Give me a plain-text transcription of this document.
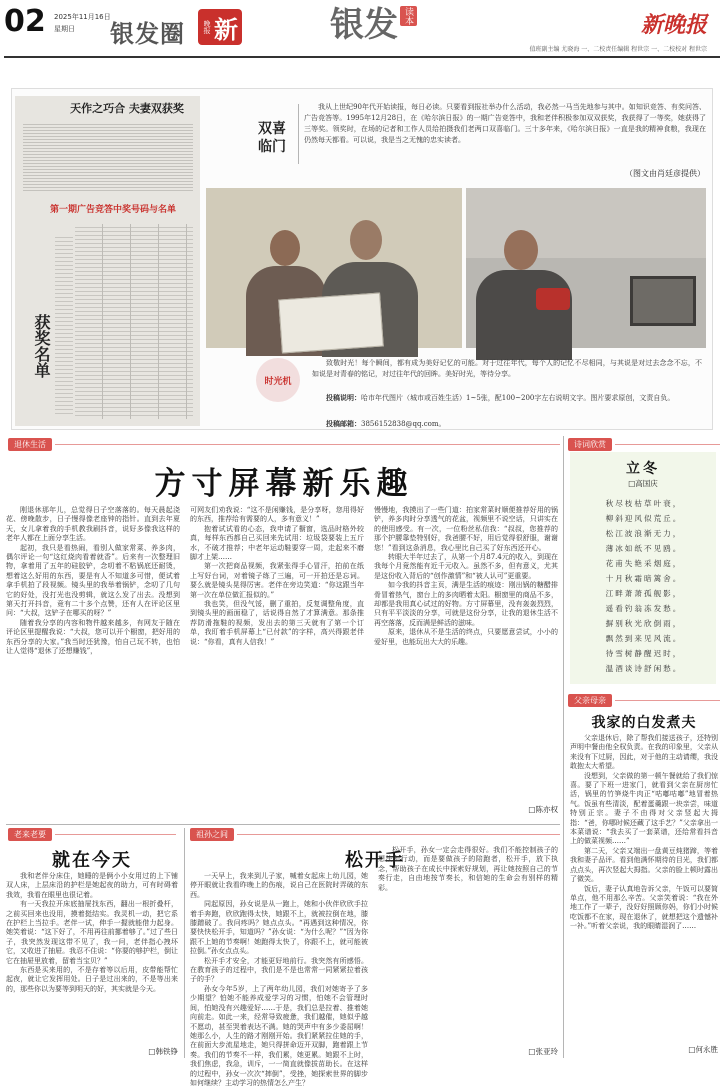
02 2025年11月16日
星期日 银发圈	晚报 新	银发 读本	新晚报
值班副主编 尤晓海 一、二校责任编辑 程世宗 一、二校校对 程世宗
天作之巧合 夫妻双获奖
第一期广告竞答中奖号码与名单
获奖名单
双喜临门
我从上世纪90年代开始读报，每日必读。只要看到报社举办什么活动，我必然一马当先地参与其中。如知识竞答、有奖问答、广告竞答等。1995年12月28日，在《哈尔滨日报》的一期广告竞答中，我和老伴积极参加双双获奖，我获得了一等奖，她获得了三等奖。领奖时，在场的记者和工作人员给拍摄我们老两口双喜临门。三十多年来，《哈尔滨日报》一直是我的精神食粮，我现在仍然每天都看。可以说，我是当之无愧的忠实读者。
（图文由肖廷彦提供）
时光机
致敬时光！每个瞬间，都有成为美好记忆的可能。对于过往年代，每个人的记忆不尽相同，与其说是对过去念念不忘，不如说是对青春的铭记，对过往年代的回眸。美好时光，等待分享。
投稿说明：哈市年代图片（城市或百姓生活）1~5张，配100~200字左右说明文字。图片要求原创，文责自负。
投稿邮箱：3856152838@qq.com。
退休生活
方寸屏幕新乐趣

刚退休那年儿，总觉得日子空落落的。每天晨起浇花、傍晚散步，日子慢得像老座钟的指针。直到去年夏天，女儿拿着我的手机教我刷抖音，说好多像我这样的老年人都在上面分享生活。

起初，我只是看热闹，看别人做家常菜、养多肉，偶尔评论一句“这红烧肉看着就香”。后来有一次整理旧物，拿着用了五年的硅胶铲，念叨着不粘锅底还耐烫，想着这么好用的东西，要是有人不知道多可惜，便试着拿手机拍了段视频。镜头里的我举着锅铲，念叨了几句它的好处，没打光也没剪辑，就这么发了出去。没想到第天打开抖音，竟有二十多个点赞，还有人在评论区里问：“大叔，这铲子在哪买的呀？”

随着我分享的内容和物件越来越多，有网友于随在评论区里提醒我说：“大叔，您可以开个橱窗，把好用的东西分享的大家。”我当时还犹豫，怕自己玩不转，也怕让人觉得“退休了还想赚钱”，

可网友们劝我说：“这不是闲赚钱，是分享呀，您用得好的东西，推荐给有需要的人，多有意义！”

抱着试试看的心态，我申请了橱窗，选品时格外较真，每样东西都自己买回来先试用：垃圾袋要装上五斤水，不破才推荐；中老年运动鞋要穿一周，走起来不磨脚才上架……

第一次把商品视频，我紧张得手心冒汗，拍前在纸上写好台词，对着镜子练了三遍，可一开拍还是忘词。要么就是镜头晃得厉害。老伴在旁边笑道：“你这跟当年第一次在单位做汇报似的。”

我也笑，但没气馁，删了重拍，反复调整角度，直到镜头里的画面稳了，话说得自然了才算满意。那条推荐防滑拖鞋的视频，发出去的第三天就有了第一个订单，我盯着手机屏幕上“已付款”的字样，高兴得跟老伴说：“你看，真有人信我！”

慢慢地，我摸出了一些门道：拍家常菜时顺便推荐好用的锅铲，养多肉时分享透气的花盆，视频里不说空话，只讲实在的使用感受。有一次，一位粉丝私信我：“叔叔，您推荐的那个护腰靠垫特别好，我爸腰不好，用后觉得很舒服，谢谢您！”看到这条消息，我心里比自己买了好东西还开心。

转眼大半年过去了，从第一个月87.4元的收入，到现在我每个月竟然能有近千元收入。虽然不多，但有意义，尤其是这份收入背后的“创作激情”和“被人认可”更重要。

如今我的抖音主页，满是生活的痕迹：刚出锅的糖醋排骨冒着热气，窗台上的多肉晒着太阳。橱窗里的商品不多，却都是我用真心试过的好物。方寸屏幕里，没有轰轰烈烈，只有平平淡淡的分享，可就是这份分享，让我的退休生活不再空落落，反而满是鲜活的滋味。

原来，退休从不是生活的终点，只要愿意尝试，小小的爱好里，也能玩出大大的乐趣。

□陈亦权
诗词欣赏
立冬
□高国庆
秋尽枝枯草叶衰，
柳斜迎风似荒丘。
松江波浪渐无力，
薄冰如纸不见鸥。
花甫失艳采烟庭，
十月秋霜暗篱舍。
江畔萧萧孤舰影，
遥看钓翁冻发愁。
摒别秋光欣倒雨，
飘然到来见风流。
待雪树静醒迟时，
温酒谈诗舒闲愁。
父亲母亲
我家的白发煮夫

父亲退休后，除了帮我们接送孩子，还特别声明中餐由他全权负责。在我的印象里，父亲从来没有下过厨，因此，对于他的主动请缨，我没敢抱太大希望。

没想到，父亲做的第一顿午餐就给了我们惊喜。要了下班一进家门，就看到父亲在厨房忙活，锅里的竹笋烧牛肉正“咕嘟咕嘟”地冒着热气。饭虽有些清淡，配着蛋羹跟一块亲尝，味道特别正宗。妻子不由得对父亲竖起大拇指：“爸，你哪时候还藏了这手艺？”父亲拿出一本菜谱说：“我去买了一套菜谱，还给常看抖音上的做菜视频……”

第二天，父亲又端出一盘黄豆炖猪蹄，等着我和妻子品评。看到他满怀期待的目光，我们都点点头，再次竖起大拇指。父亲的脸上顿时露出了微笑。

饭后，妻子认真地告诉父亲，午饭可以要简单点，他不用那么辛苦。父亲笑着说：“我在外地工作了一辈子，没好好照顾你妈，你们小时候吃饭都不在家，现在退休了，就想把这个遗憾补一补。”听着父亲说，我的眼睛湿润了……

□何永胜
老来老要
就在今天

我和老伴分床住，她睡的是俩小小女用过的上下铺双人床，上层床沿的护栏是她起夜的助力，可有时碍着我效，我看在眼里也很记着。

有一天我拉开床底抽屉找东西，翻出一根折叠杆，之前买回来也没用，摸着挺结实。我灵机一动，把它系在护栏上当拉手。老伴一试，伸手一握就能借力起身。她笑着说：“这下好了，不用再往前挪着够了。”过了些日子，我突然发现这带不见了，我一问，老伴指心拽坏它，又收进了抽屉。我忍不住说：“你要的够护栏，倒让它在抽屉里放着，留着当宝贝？”

东西是买来用的，不是存着等以后用，皮带能帮忙起夜，就让它发挥用处。日子是过出来的，不是等出来的，那些你以为要等到明天的好，其实就是今天。

□韩铁铮
祖孙之间
松开手

一天早上，我来到儿子家，喊着女起床上幼儿园，她停开眼就让我看昨晚上的伤痕，说自己在医院时弄破的东西。

同起原因，孙女说是从一跑上，她和小伙伴欣欣手拉着手奔跑，欣欣跑得太快，她跟不上，就被拉倒在地，膝膝蹭破了。我问疼吗？她点点头。“再遇到这种情况，你要快快松开手，知道吗？”孙女说：“为什么呢？”“因为你跟不上她的节奏啊！她跑得太快了，你跟不上，就可能被拉倒。”孙女点点头。

松开手才安全，才能更好地前行。我突然有所感悟。在教育孩子的过程中，我们是不是也常常一同紧紧拉着孩子的手？

孙女今年5岁，上了两年幼儿园，我们对她寄予了多少期望？怕她不能养成爱学习的习惯，怕她不会管理时间，怕她没有兴趣爱好……于是，我们总是拉着、推着她向前走。如此一来，经常导致疲惫，我们越催，她似乎越不愿动，甚至哭着表达不满。她的哭声中有多少委屈啊！她那么小，人生的路才刚刚开始。我们紧紧拉住她的手，在前面大步流星地走，她只得拼命迈开双脚，跑着跟上节奏。我们的节奏不一样，我们累，她更累。她跟不上时，我们焦虑，我急，训斥，一一简直就像拔苗助长。在这样的过程中，孙女一次次“摔倒”，受挫，她探索世界的脚步如何继续？主动学习的热情怎么产生？

松开手，孙女一定会走得很好。我们不能控制孩子的想法和行动，而是要做孩子的陪跑者，松开手，放下执念，帮助孩子在成长中探索好规划，再让她按照自己的节奏行走，自由地按节奏长，和信她的生命会有别样的精彩。

□张亚玲
